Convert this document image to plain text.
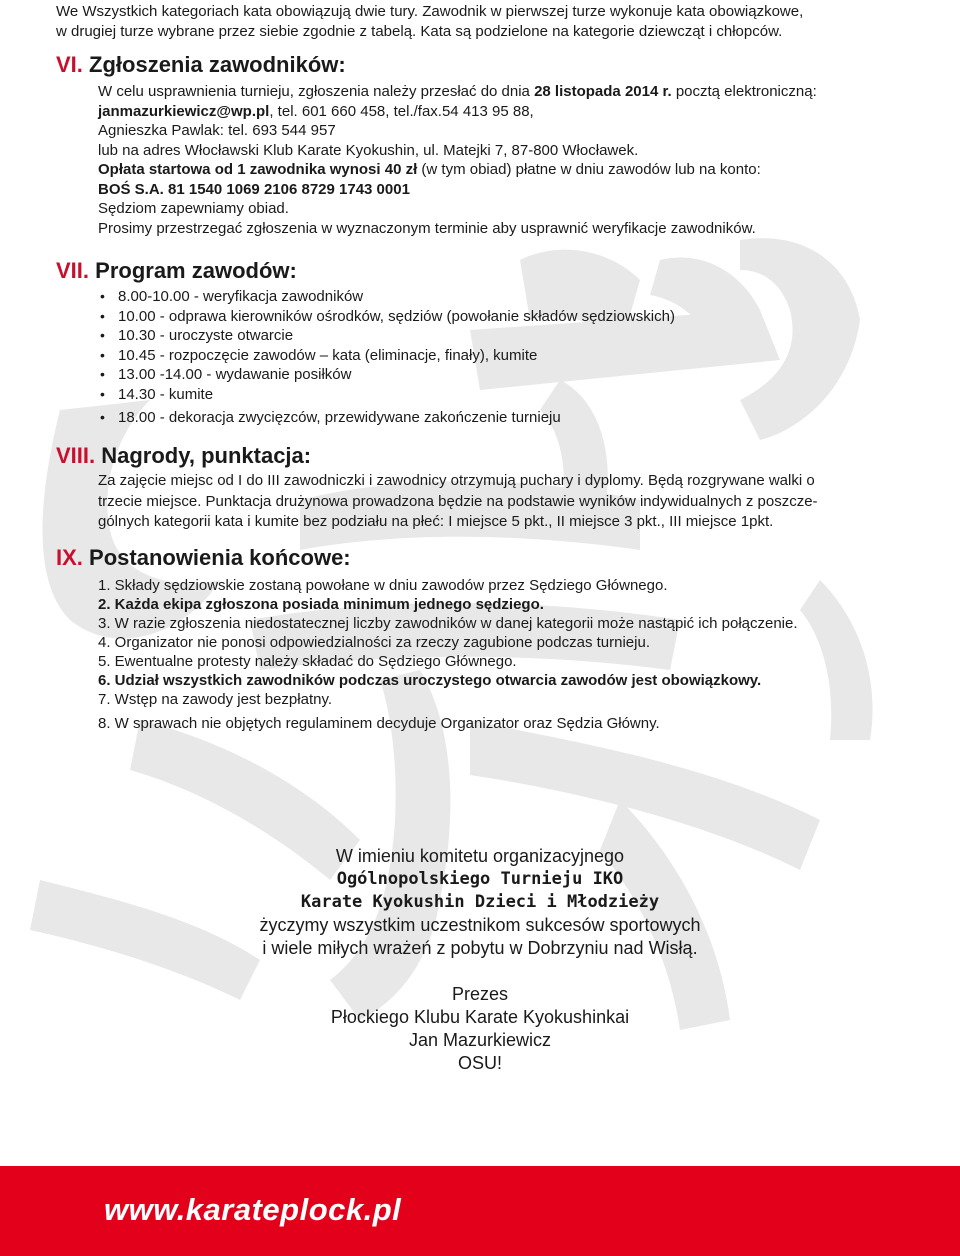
We Wszystkich kategoriach kata obowiązują dwie tury. Zawodnik w pierwszej turze wykonuje kata obowiązkowe,
w drugiej turze wybrane przez siebie zgodnie z tabelą. Kata są podzielone na kategorie dziewcząt i chłopców.
VI. Zgłoszenia zawodników:

W celu usprawnienia turnieju, zgłoszenia należy przesłać do dnia 28 listopada 2014 r. pocztą elektroniczną:

janmazurkiewicz@wp.pl, tel. 601 660 458, tel./fax.54 413 95 88,

Agnieszka Pawlak: tel. 693 544 957

lub na adres Włocławski Klub Karate Kyokushin, ul. Matejki 7, 87-800 Włocławek.

Opłata startowa od 1 zawodnika wynosi 40 zł (w tym obiad) płatne w dniu zawodów lub na konto:

BOŚ S.A. 81 1540 1069 2106 8729 1743 0001

Sędziom zapewniamy obiad.

Prosimy przestrzegać zgłoszenia w wyznaczonym terminie aby usprawnić weryfikacje zawodników.

VII. Program zawodów:
• 8.00-10.00 - weryfikacja zawodników
• 10.00 - odprawa kierowników ośrodków, sędziów (powołanie składów sędziowskich)
• 10.30 - uroczyste otwarcie
• 10.45 - rozpoczęcie zawodów – kata (eliminacje, finały), kumite
• 13.00 -14.00 - wydawanie posiłków
• 14.30 - kumite
• 18.00 - dekoracja zwycięzców, przewidywane zakończenie turnieju
VIII. Nagrody, punktacja:

Za zajęcie miejsc od I do III zawodniczki i zawodnicy otrzymują puchary i dyplomy. Będą rozgrywane walki o

trzecie miejsce. Punktacja drużynowa prowadzona będzie na podstawie wyników indywidualnych z poszcze-

gólnych kategorii kata i kumite bez podziału na płeć: I miejsce 5 pkt., II miejsce 3 pkt., III miejsce 1pkt.

IX. Postanowienia końcowe:
1. Składy sędziowskie zostaną powołane w dniu zawodów przez Sędziego Głównego.
2. Każda ekipa zgłoszona posiada minimum jednego sędziego.
3. W razie zgłoszenia niedostatecznej liczby zawodników w danej kategorii może nastąpić ich połączenie.
4. Organizator nie ponosi odpowiedzialności za rzeczy zagubione podczas turnieju.
5. Ewentualne protesty należy składać do Sędziego Głównego.
6. Udział wszystkich zawodników podczas uroczystego otwarcia zawodów jest obowiązkowy.
7. Wstęp na zawody jest bezpłatny.
8. W sprawach nie objętych regulaminem decyduje Organizator oraz Sędzia Główny.
W imieniu komitetu organizacyjnego
Ogólnopolskiego Turnieju IKO
Karate Kyokushin Dzieci i Młodzieży
życzymy wszystkim uczestnikom sukcesów sportowych
i wiele miłych wrażeń z pobytu w Dobrzyniu nad Wisłą.
Prezes
Płockiego Klubu Karate Kyokushinkai
Jan Mazurkiewicz
OSU!
www.karateplock.pl
